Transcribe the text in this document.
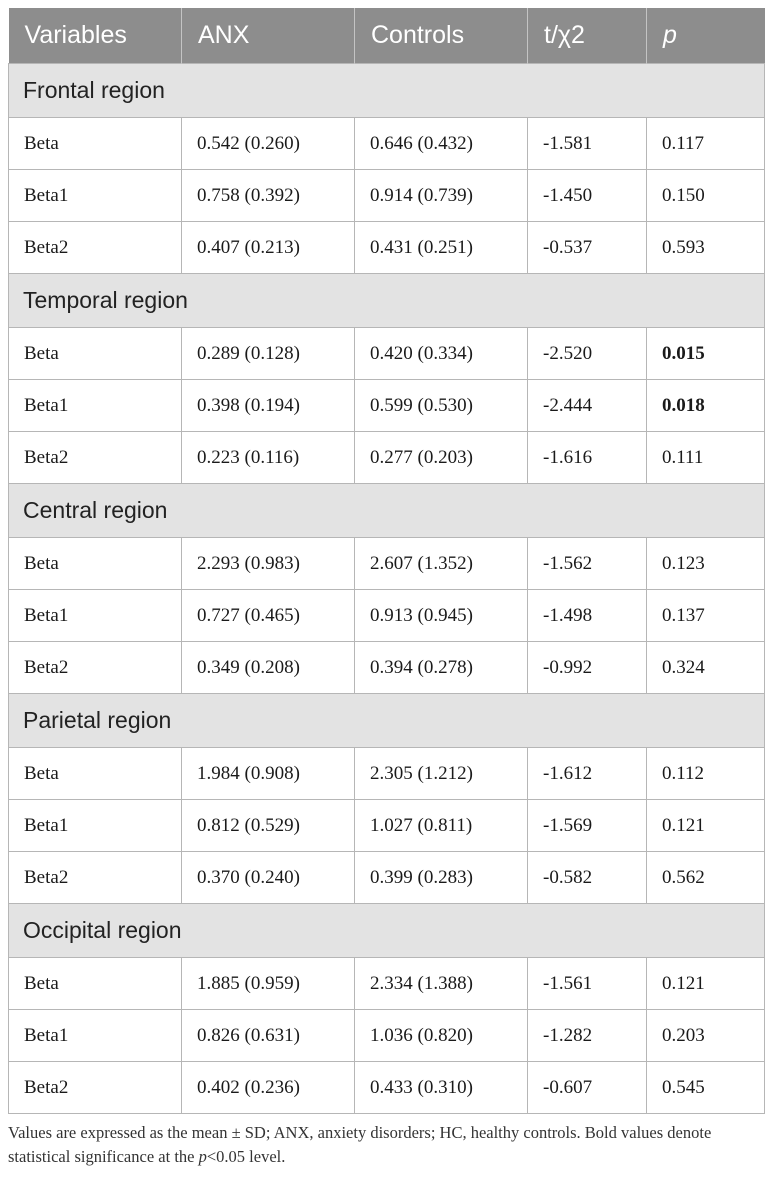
Variables	ANX	Controls	t/χ2	p
Frontal region				
Beta	0.542 (0.260)	0.646 (0.432)	-1.581	0.117
Beta1	0.758 (0.392)	0.914 (0.739)	-1.450	0.150
Beta2	0.407 (0.213)	0.431 (0.251)	-0.537	0.593
Temporal region				
Beta	0.289 (0.128)	0.420 (0.334)	-2.520	0.015
Beta1	0.398 (0.194)	0.599 (0.530)	-2.444	0.018
Beta2	0.223 (0.116)	0.277 (0.203)	-1.616	0.111
Central region				
Beta	2.293 (0.983)	2.607 (1.352)	-1.562	0.123
Beta1	0.727 (0.465)	0.913 (0.945)	-1.498	0.137
Beta2	0.349 (0.208)	0.394 (0.278)	-0.992	0.324
Parietal region				
Beta	1.984 (0.908)	2.305 (1.212)	-1.612	0.112
Beta1	0.812 (0.529)	1.027 (0.811)	-1.569	0.121
Beta2	0.370 (0.240)	0.399 (0.283)	-0.582	0.562
Occipital region				
Beta	1.885 (0.959)	2.334 (1.388)	-1.561	0.121
Beta1	0.826 (0.631)	1.036 (0.820)	-1.282	0.203
Beta2	0.402 (0.236)	0.433 (0.310)	-0.607	0.545
Values are expressed as the mean ± SD; ANX, anxiety disorders; HC, healthy controls. Bold values denote statistical significance at the p<0.05 level.
